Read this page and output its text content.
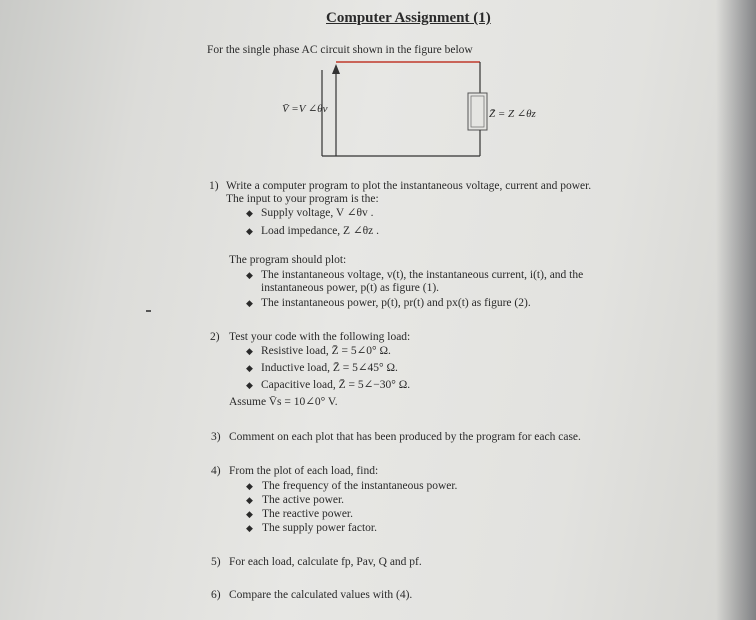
Computer Assignment (1)
For the single phase AC circuit shown in the figure below
V̄ =V ∠θv	Z̄ = Z ∠θz
1) Write a computer program to plot the instantaneous voltage, current and power.
The input to your program is the:
◆ Supply voltage, V ∠θv .
◆ Load impedance, Z ∠θz .
The program should plot:
◆ The instantaneous voltage, v(t), the instantaneous current, i(t), and the
instantaneous power, p(t) as figure (1).
◆ The instantaneous power, p(t), pr(t) and px(t) as figure (2).
2) Test your code with the following load:
◆ Resistive load, Z̄ = 5∠0° Ω.
◆ Inductive load, Z̄ = 5∠45° Ω.
◆ Capacitive load, Z̄ = 5∠−30° Ω.
Assume V̄s = 10∠0° V.
3) Comment on each plot that has been produced by the program for each case.
4) From the plot of each load, find:
◆ The frequency of the instantaneous power.
◆ The active power.
◆ The reactive power.
◆ The supply power factor.
5) For each load, calculate fp, Pav, Q and pf.
6) Compare the calculated values with (4).
